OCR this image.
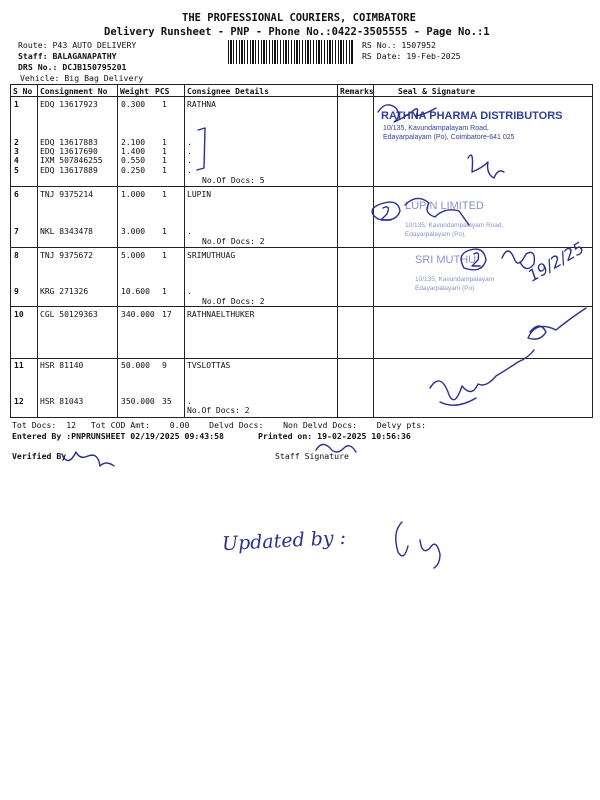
THE PROFESSIONAL COURIERS, COIMBATORE
Delivery Runsheet - PNP - Phone No.:0422-3505555 - Page No.:1
Route: P43 AUTO DELIVERY
Staff: BALAGANAPATHY
DRS No.: DCJB150795201
Vehicle: Big Bag Delivery
RS No.: 1507952
RS Date: 19-Feb-2025
S No Consignment No Weight PCS Consignee Details	Remarks	Seal & Signature
1	EDQ 13617923	0.300 1	RATHNA
2	EDQ 13617883	2.100 1	.
3	EDQ 13617690	1.400 1	.
4	IXM 507846255 0.550 1	.
5	EDQ 13617889	0.250 1	.
No.Of Docs: 5
6	TNJ 9375214	1.000 1	LUPIN
7	NKL 8343478	3.000 1	.
No.Of Docs: 2
8	TNJ 9375672	5.000 1	SRIMUTHUAG
9	KRG 271326	10.600 1	.
No.Of Docs: 2
10 CGL 50129363	340.000 17 RATHNAELTHUKER
11 HSR 81140	50.000 9	TVSLOTTAS
12 HSR 81043	350.000 35 .
No.Of Docs: 2
Tot Docs:  12   Tot COD Amt:    0.00    Delvd Docs:    Non Delvd Docs:    Delvy pts:
Entered By :PNPRUNSHEET 02/19/2025 09:43:58	Printed on: 19-02-2025 10:56:36
Verified By	Staff Signature
RATHNA PHARMA DISTRIBUTORS
10/135, Kavundampalayam Road,
Edayarpalayam (Po), Coimbatore-641 025
LUPIN LIMITED
10/135, Kavundampalayam Road,
Edayarpalayam (Po),
SRI MUTHU
10/135, Kavundampalayam
Edayarpalayam (Po)
19/2/25
Updated by :
